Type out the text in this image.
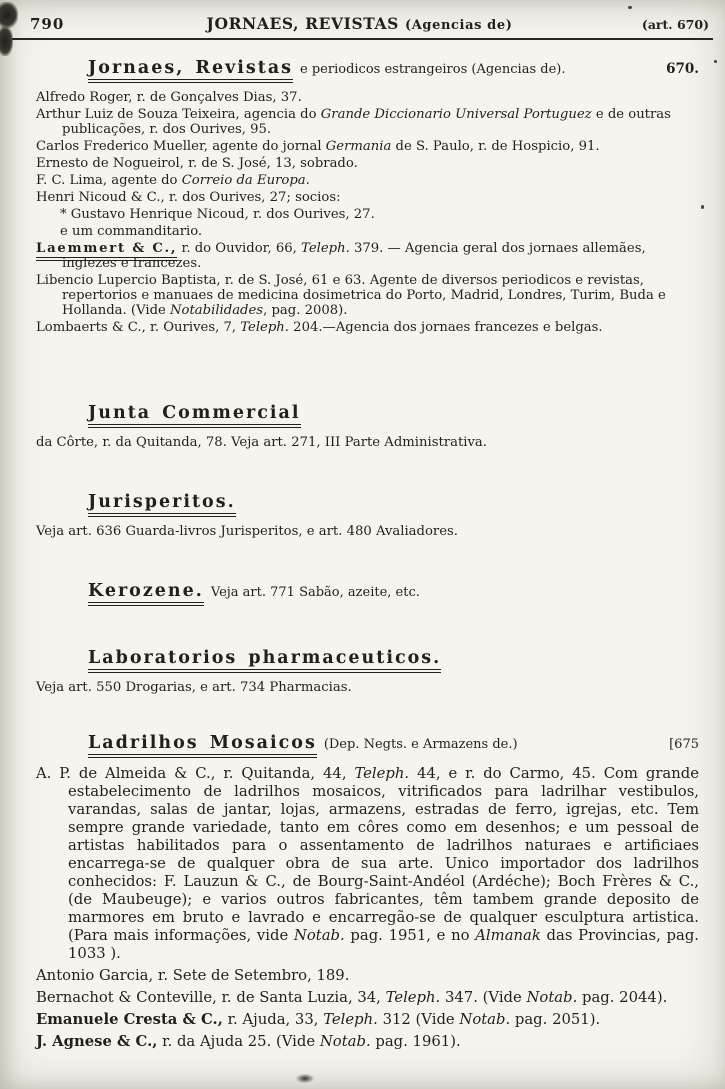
790	JORNAES, REVISTAS (Agencias de)	(art. 670)
Jornaes, Revistas e periodicos estrangeiros (Agencias de).	670.

Alfredo Roger, r. de Gonçalves Dias, 37.

Arthur Luiz de Souza Teixeira, agencia do Grande Diccionario Universal Portuguez e de outras publicações, r. dos Ourives, 95.

Carlos Frederico Mueller, agente do jornal Germania de S. Paulo, r. de Hospicio, 91.

Ernesto de Nogueirol, r. de S. José, 13, sobrado.

F. C. Lima, agente do Correio da Europa.

Henri Nicoud & C., r. dos Ourives, 27; socios:

* Gustavo Henrique Nicoud, r. dos Ourives, 27.

e um commanditario.

Laemmert & C., r. do Ouvidor, 66, Teleph. 379. — Agencia geral dos jornaes allemães, inglezes e francezes.

Libencio Lupercio Baptista, r. de S. José, 61 e 63. Agente de diversos periodicos e revistas, repertorios e manuaes de medicina dosimetrica do Porto, Madrid, Londres, Turim, Buda e Hollanda. (Vide Notabilidades, pag. 2008).

Lombaerts & C., r. Ourives, 7, Teleph. 204.—Agencia dos jornaes francezes e belgas.

Junta Commercial

da Côrte, r. da Quitanda, 78. Veja art. 271, III Parte Administrativa.

Jurisperitos.

Veja art. 636 Guarda-livros Jurisperitos, e art. 480 Avaliadores.

Kerozene. Veja art. 771 Sabão, azeite, etc.
Laboratorios pharmaceuticos.

Veja art. 550 Drogarias, e art. 734 Pharmacias.

Ladrilhos Mosaicos (Dep. Negts. e Armazens de.)	[675

A. P. de Almeida & C., r. Quitanda, 44, Teleph. 44, e r. do Carmo, 45. Com grande estabelecimento de ladrilhos mosaicos, vitrificados para ladrilhar vestibulos, varandas, salas de jantar, lojas, armazens, estradas de ferro, igrejas, etc. Tem sempre grande variedade, tanto em côres como em desenhos; e um pessoal de artistas habilitados para o assentamento de ladrilhos naturaes e artificiaes encarrega-se de qualquer obra de sua arte. Unico importador dos ladrilhos conhecidos: F. Lauzun & C., de Bourg-Saint-Andéol (Ardéche); Boch Frères & C., (de Maubeuge); e varios outros fabricantes, têm tambem grande deposito de marmores em bruto e lavrado e encarregão-se de qualquer esculptura artistica. (Para mais informações, vide Notab. pag. 1951, e no Almanak das Provincias, pag. 1033 ).

Antonio Garcia, r. Sete de Setembro, 189.

Bernachot & Conteville, r. de Santa Luzia, 34, Teleph. 347. (Vide Notab. pag. 2044).

Emanuele Cresta & C., r. Ajuda, 33, Teleph. 312 (Vide Notab. pag. 2051).

J. Agnese & C., r. da Ajuda 25. (Vide Notab. pag. 1961).
